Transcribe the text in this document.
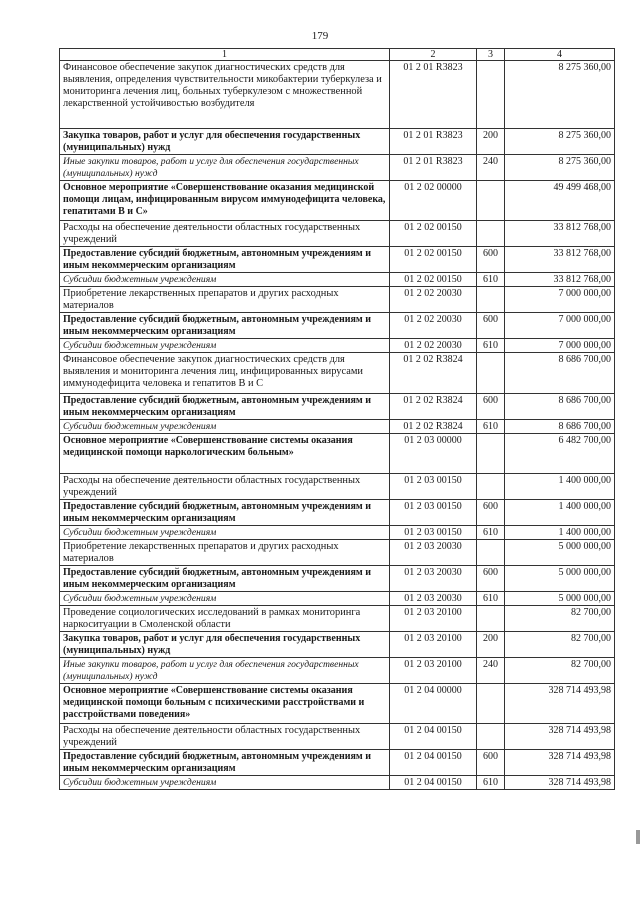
179
1	2	3	4
Финансовое обеспечение закупок диагностических средств для выявления, определения чувствительности микобактерии туберкулеза и мониторинга лечения лиц, больных туберкулезом с множественной лекарственной устойчивостью возбудителя	01 2 01 R3823		8 275 360,00
Закупка товаров, работ и услуг для обеспечения государственных (муниципальных) нужд	01 2 01 R3823	200	8 275 360,00
Иные закупки товаров, работ и услуг для обеспечения государственных (муниципальных) нужд	01 2 01 R3823	240	8 275 360,00
Основное мероприятие «Совершенствование оказания медицинской помощи лицам, инфицированным вирусом иммунодефицита человека, гепатитами В и С»	01 2 02 00000		49 499 468,00
Расходы на обеспечение деятельности областных государственных учреждений	01 2 02 00150		33 812 768,00
Предоставление субсидий бюджетным, автономным учреждениям и иным некоммерческим организациям	01 2 02 00150	600	33 812 768,00
Субсидии бюджетным учреждениям	01 2 02 00150	610	33 812 768,00
Приобретение лекарственных препаратов и других расходных материалов	01 2 02 20030		7 000 000,00
Предоставление субсидий бюджетным, автономным учреждениям и иным некоммерческим организациям	01 2 02 20030	600	7 000 000,00
Субсидии бюджетным учреждениям	01 2 02 20030	610	7 000 000,00
Финансовое обеспечение закупок диагностических средств для выявления и мониторинга лечения лиц, инфицированных вирусами иммунодефицита человека и гепатитов В и С	01 2 02 R3824		8 686 700,00
Предоставление субсидий бюджетным, автономным учреждениям и иным некоммерческим организациям	01 2 02 R3824	600	8 686 700,00
Субсидии бюджетным учреждениям	01 2 02 R3824	610	8 686 700,00
Основное мероприятие «Совершенствование системы оказания медицинской помощи наркологическим больным»	01 2 03 00000		6 482 700,00
Расходы на обеспечение деятельности областных государственных учреждений	01 2 03 00150		1 400 000,00
Предоставление субсидий бюджетным, автономным учреждениям и иным некоммерческим организациям	01 2 03 00150	600	1 400 000,00
Субсидии бюджетным учреждениям	01 2 03 00150	610	1 400 000,00
Приобретение лекарственных препаратов и других расходных материалов	01 2 03 20030		5 000 000,00
Предоставление субсидий бюджетным, автономным учреждениям и иным некоммерческим организациям	01 2 03 20030	600	5 000 000,00
Субсидии бюджетным учреждениям	01 2 03 20030	610	5 000 000,00
Проведение социологических исследований в рамках мониторинга наркоситуации в Смоленской области	01 2 03 20100		82 700,00
Закупка товаров, работ и услуг для обеспечения государственных (муниципальных) нужд	01 2 03 20100	200	82 700,00
Иные закупки товаров, работ и услуг для обеспечения государственных (муниципальных) нужд	01 2 03 20100	240	82 700,00
Основное мероприятие «Совершенствование системы оказания медицинской помощи больным с психическими расстройствами и расстройствами поведения»	01 2 04 00000		328 714 493,98
Расходы на обеспечение деятельности областных государственных учреждений	01 2 04 00150		328 714 493,98
Предоставление субсидий бюджетным, автономным учреждениям и иным некоммерческим организациям	01 2 04 00150	600	328 714 493,98
Субсидии бюджетным учреждениям	01 2 04 00150	610	328 714 493,98
